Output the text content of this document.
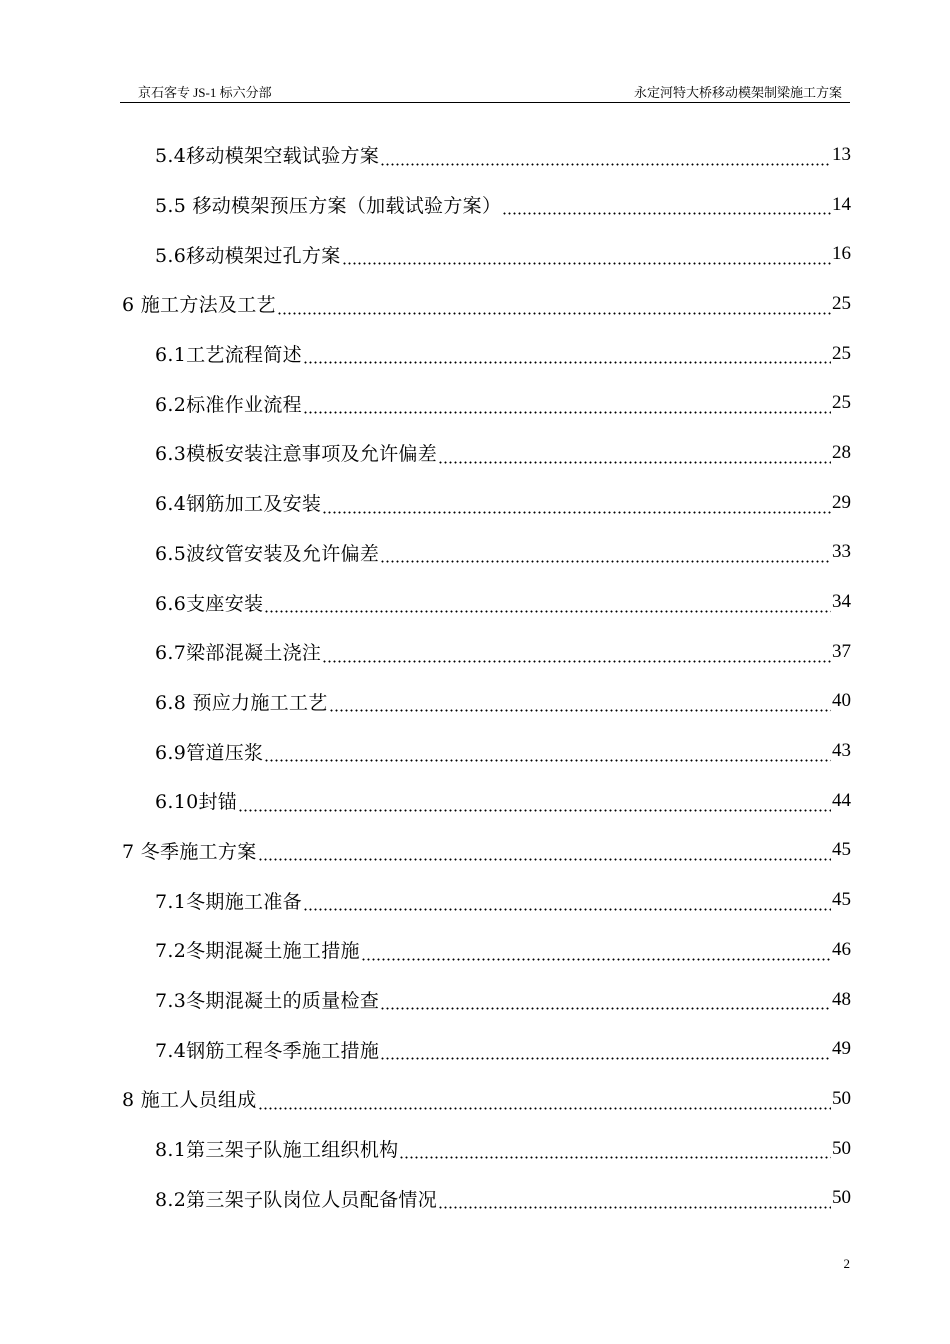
京石客专 JS-1 标六分部	永定河特大桥移动模架制梁施工方案
5.4移动模架空载试验方案	13
5.5 移动模架预压方案（加载试验方案）	14
5.6移动模架过孔方案	16
6 施工方法及工艺	25
6.1工艺流程简述	25
6.2标准作业流程	25
6.3模板安装注意事项及允许偏差	28
6.4钢筋加工及安装	29
6.5波纹管安装及允许偏差	33
6.6支座安装	34
6.7梁部混凝土浇注	37
6.8 预应力施工工艺	40
6.9管道压浆	43
6.10封锚	44
7 冬季施工方案	45
7.1冬期施工准备	45
7.2冬期混凝土施工措施	46
7.3冬期混凝土的质量检查	48
7.4钢筋工程冬季施工措施	49
8 施工人员组成	50
8.1第三架子队施工组织机构	50
8.2第三架子队岗位人员配备情况	50
2
